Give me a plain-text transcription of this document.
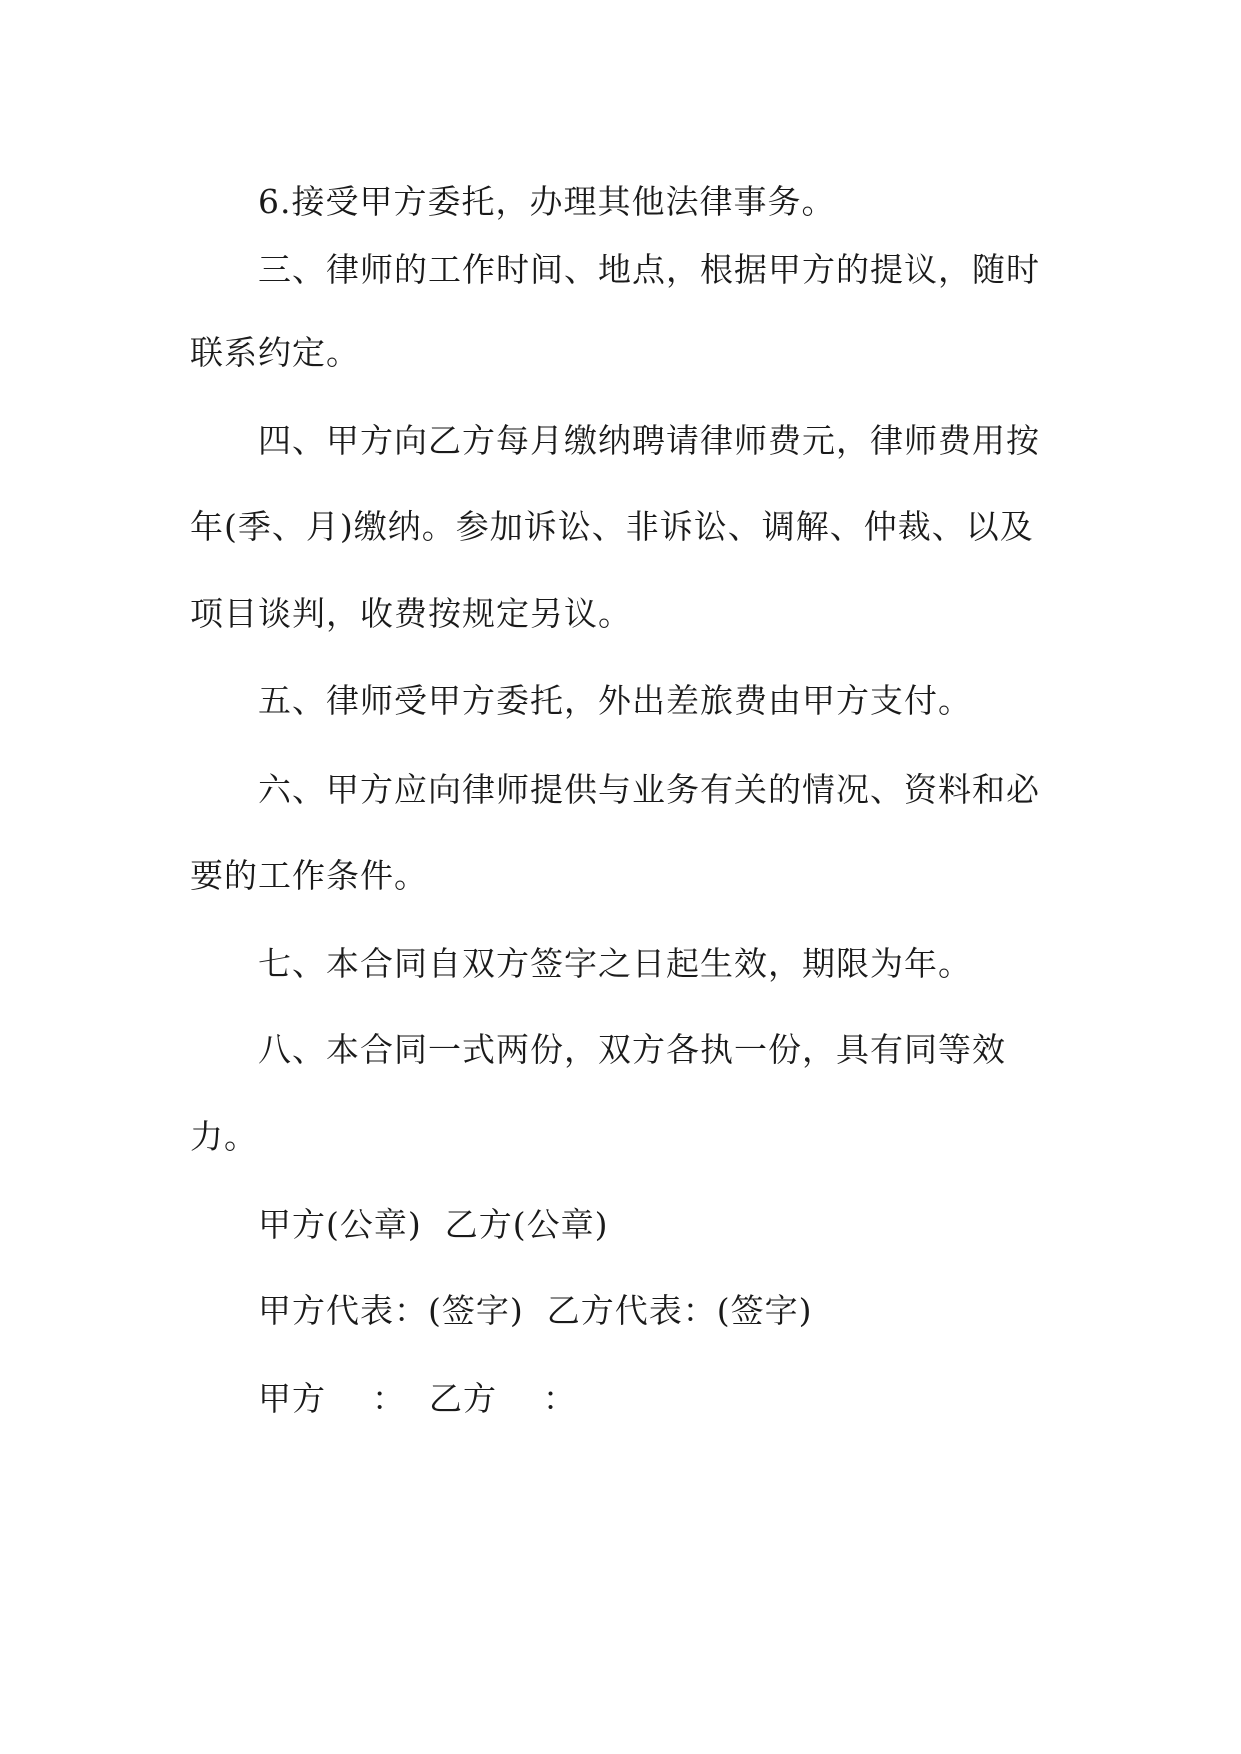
6.接受甲方委托，办理其他法律事务。
三、律师的工作时间、地点，根据甲方的提议，随时
联系约定。
四、甲方向乙方每月缴纳聘请律师费元，律师费用按
年(季、月)缴纳。参加诉讼、非诉讼、调解、仲裁、以及
项目谈判，收费按规定另议。
五、律师受甲方委托，外出差旅费由甲方支付。
六、甲方应向律师提供与业务有关的情况、资料和必
要的工作条件。
七、本合同自双方签字之日起生效，期限为年。
八、本合同一式两份，双方各执一份，具有同等效
力。
甲方(公章)  乙方(公章)
甲方代表：(签字)  乙方代表：(签字)
甲方    ：  乙方    ：
